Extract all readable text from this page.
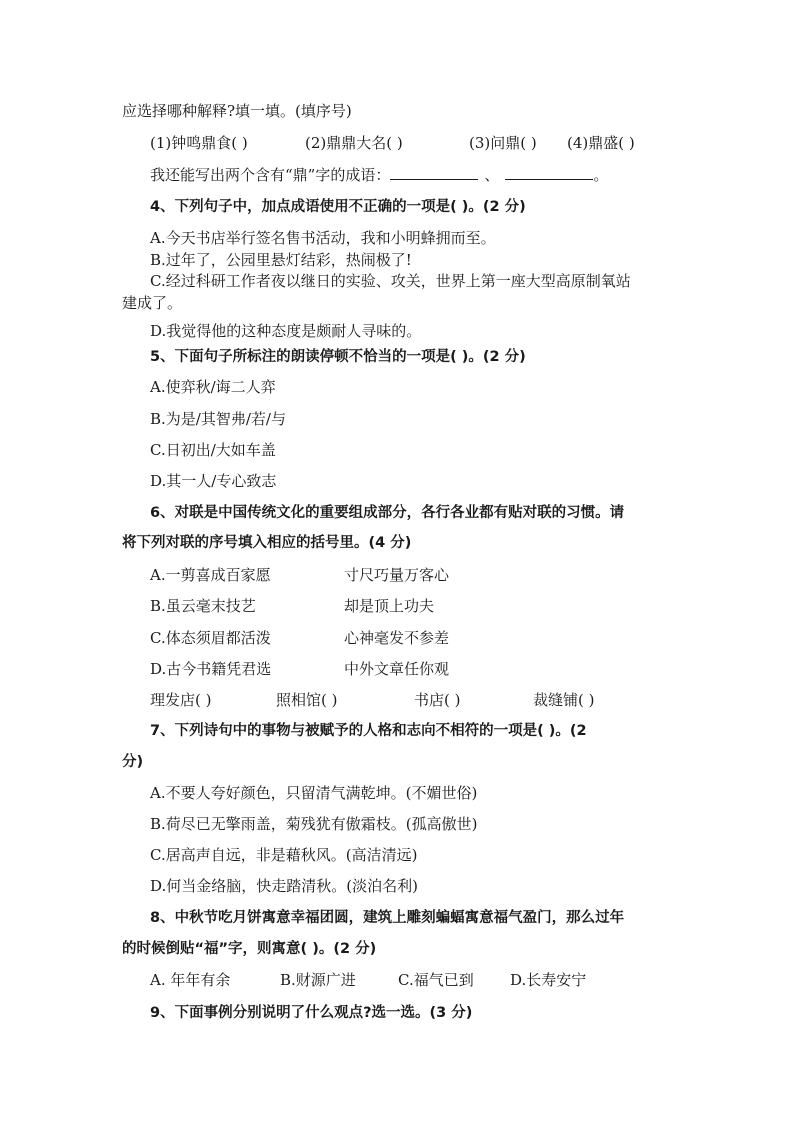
应选择哪种解释?填一填。(填序号)
(1)钟鸣鼎食( )	(2)鼎鼎大名( )	(3)问鼎( ) (4)鼎盛( )
我还能写出两个含有“鼎”字的成语：	、	。
4、下列句子中，加点成语使用不正确的一项是( )。(2 分)
A.今天书店举行签名售书活动，我和小明蜂拥而至。
B.过年了，公园里悬灯结彩，热闹极了!
C.经过科研工作者夜以继日的实验、攻关，世界上第一座大型高原制氧站
建成了。
D.我觉得他的这种态度是颇耐人寻味的。
5、下面句子所标注的朗读停顿不恰当的一项是( )。(2 分)
A.使弈秋/诲二人弈
B.为是/其智弗/若/与
C.日初出/大如车盖
D.其一人/专心致志
6、对联是中国传统文化的重要组成部分，各行各业都有贴对联的习惯。请
将下列对联的序号填入相应的括号里。(4 分)
A.一剪喜成百家愿	寸尺巧量万客心
B.虽云毫末技艺	却是顶上功夫
C.体态须眉都活泼	心神毫发不参差
D.古今书籍凭君选	中外文章任你观
理发店( )	照相馆( )	书店( )	裁缝铺( )
7、下列诗句中的事物与被赋予的人格和志向不相符的一项是( )。(2
分)
A.不要人夸好颜色，只留清气满乾坤。(不媚世俗)
B.荷尽已无擎雨盖，菊残犹有傲霜枝。(孤高傲世)
C.居高声自远，非是藉秋风。(高洁清远)
D.何当金络脑，快走踏清秋。(淡泊名利)
8、中秋节吃月饼寓意幸福团圆，建筑上雕刻蝙蝠寓意福气盈门，那么过年
的时候倒贴“福”字，则寓意( )。(2 分)
A. 年年有余	B.财源广进	C.福气已到 D.长寿安宁
9、下面事例分别说明了什么观点?选一选。(3 分)
